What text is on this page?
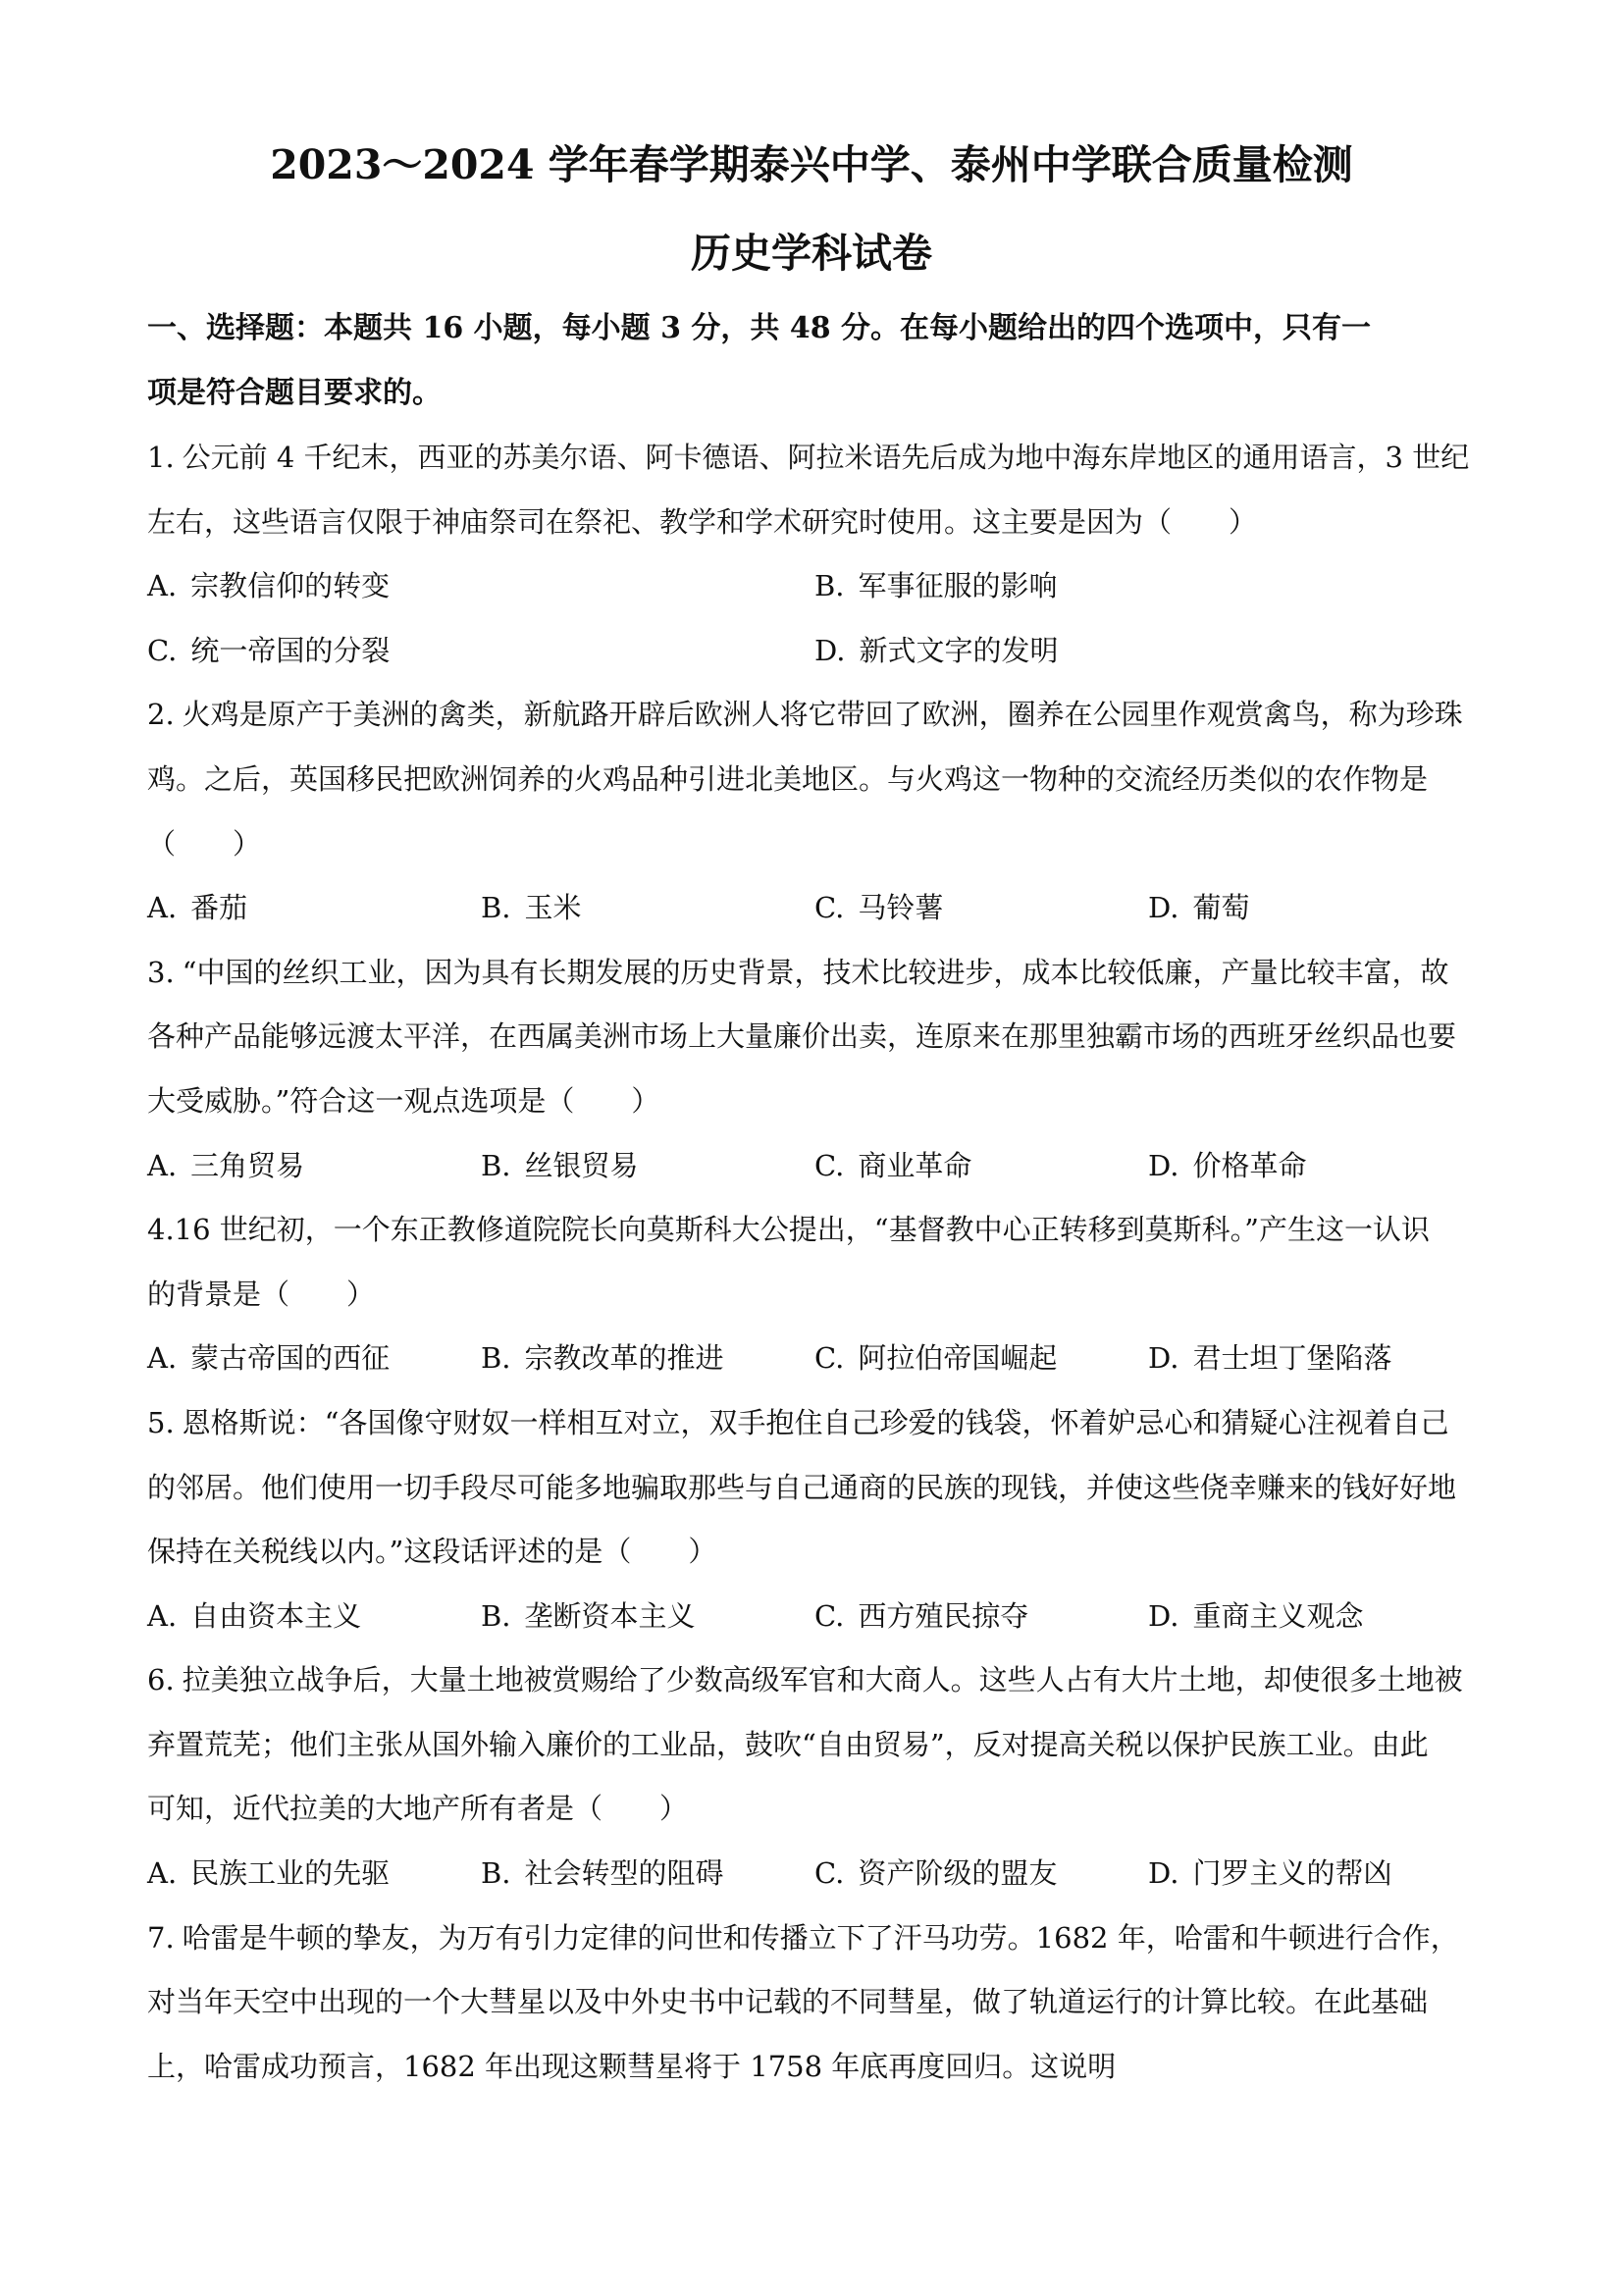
2023～2024 学年春学期泰兴中学、泰州中学联合质量检测
历史学科试卷
一、选择题：本题共 16 小题，每小题 3 分，共 48 分。在每小题给出的四个选项中，只有一
项是符合题目要求的。
1. 公元前 4 千纪末，西亚的苏美尔语、阿卡德语、阿拉米语先后成为地中海东岸地区的通用语言，3 世纪
左右，这些语言仅限于神庙祭司在祭祀、教学和学术研究时使用。这主要是因为（　　）
A. 宗教信仰的转变	B. 军事征服的影响
C. 统一帝国的分裂	D. 新式文字的发明
2. 火鸡是原产于美洲的禽类，新航路开辟后欧洲人将它带回了欧洲，圈养在公园里作观赏禽鸟，称为珍珠
鸡。之后，英国移民把欧洲饲养的火鸡品种引进北美地区。与火鸡这一物种的交流经历类似的农作物是
（　　）
A. 番茄	B. 玉米	C. 马铃薯	D. 葡萄
3. “中国的丝织工业，因为具有长期发展的历史背景，技术比较进步，成本比较低廉，产量比较丰富，故
各种产品能够远渡太平洋，在西属美洲市场上大量廉价出卖，连原来在那里独霸市场的西班牙丝织品也要
大受威胁。”符合这一观点选项是（　　）
A. 三角贸易	B. 丝银贸易	C. 商业革命	D. 价格革命
4.16 世纪初，一个东正教修道院院长向莫斯科大公提出，“基督教中心正转移到莫斯科。”产生这一认识
的背景是（　　）
A. 蒙古帝国的西征	B. 宗教改革的推进	C. 阿拉伯帝国崛起	D. 君士坦丁堡陷落
5. 恩格斯说：“各国像守财奴一样相互对立，双手抱住自己珍爱的钱袋，怀着妒忌心和猜疑心注视着自己
的邻居。他们使用一切手段尽可能多地骗取那些与自己通商的民族的现钱，并使这些侥幸赚来的钱好好地
保持在关税线以内。”这段话评述的是（　　）
A. 自由资本主义	B. 垄断资本主义	C. 西方殖民掠夺	D. 重商主义观念
6. 拉美独立战争后，大量土地被赏赐给了少数高级军官和大商人。这些人占有大片土地，却使很多土地被
弃置荒芜；他们主张从国外输入廉价的工业品，鼓吹“自由贸易”，反对提高关税以保护民族工业。由此
可知，近代拉美的大地产所有者是（　　）
A. 民族工业的先驱	B. 社会转型的阻碍	C. 资产阶级的盟友	D. 门罗主义的帮凶
7. 哈雷是牛顿的挚友，为万有引力定律的问世和传播立下了汗马功劳。1682 年，哈雷和牛顿进行合作，
对当年天空中出现的一个大彗星以及中外史书中记载的不同彗星，做了轨道运行的计算比较。在此基础
上，哈雷成功预言，1682 年出现这颗彗星将于 1758 年底再度回归。这说明
